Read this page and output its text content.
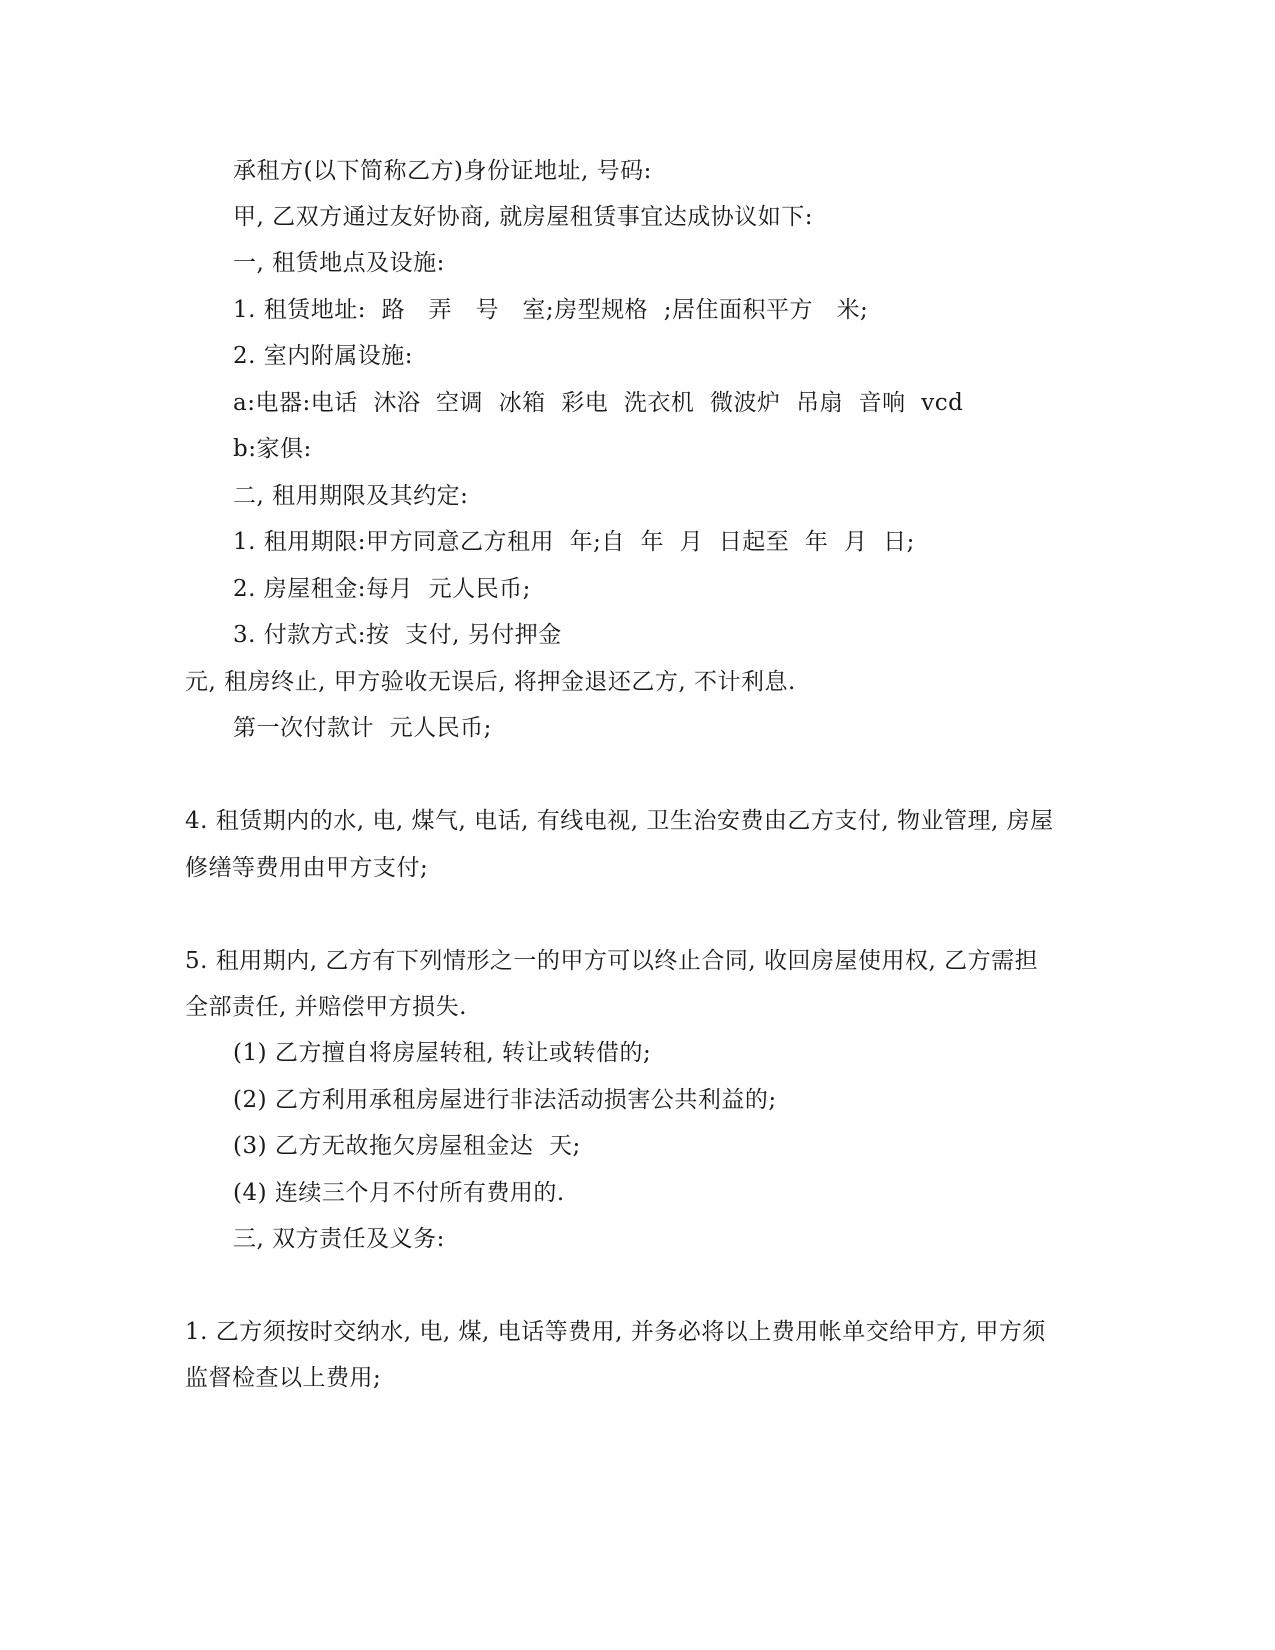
承租方(以下简称乙方)身份证地址, 号码:
甲, 乙双方通过友好协商, 就房屋租赁事宜达成协议如下:
一, 租赁地点及设施:
1. 租赁地址:  路   弄   号   室;房型规格  ;居住面积平方   米;
2. 室内附属设施:
a:电器:电话  沐浴  空调  冰箱  彩电  洗衣机  微波炉  吊扇  音响  vcd
b:家俱:
二, 租用期限及其约定:
1. 租用期限:甲方同意乙方租用  年;自  年  月  日起至  年  月  日;
2. 房屋租金:每月  元人民币;
3. 付款方式:按  支付, 另付押金
元, 租房终止, 甲方验收无误后, 将押金退还乙方, 不计利息.
第一次付款计  元人民币;
4. 租赁期内的水, 电, 煤气, 电话, 有线电视, 卫生治安费由乙方支付, 物业管理, 房屋
修缮等费用由甲方支付;
5. 租用期内, 乙方有下列情形之一的甲方可以终止合同, 收回房屋使用权, 乙方需担
全部责任, 并赔偿甲方损失.
(1) 乙方擅自将房屋转租, 转让或转借的;
(2) 乙方利用承租房屋进行非法活动损害公共利益的;
(3) 乙方无故拖欠房屋租金达  天;
(4) 连续三个月不付所有费用的.
三, 双方责任及义务:
1. 乙方须按时交纳水, 电, 煤, 电话等费用, 并务必将以上费用帐单交给甲方, 甲方须
监督检查以上费用;
